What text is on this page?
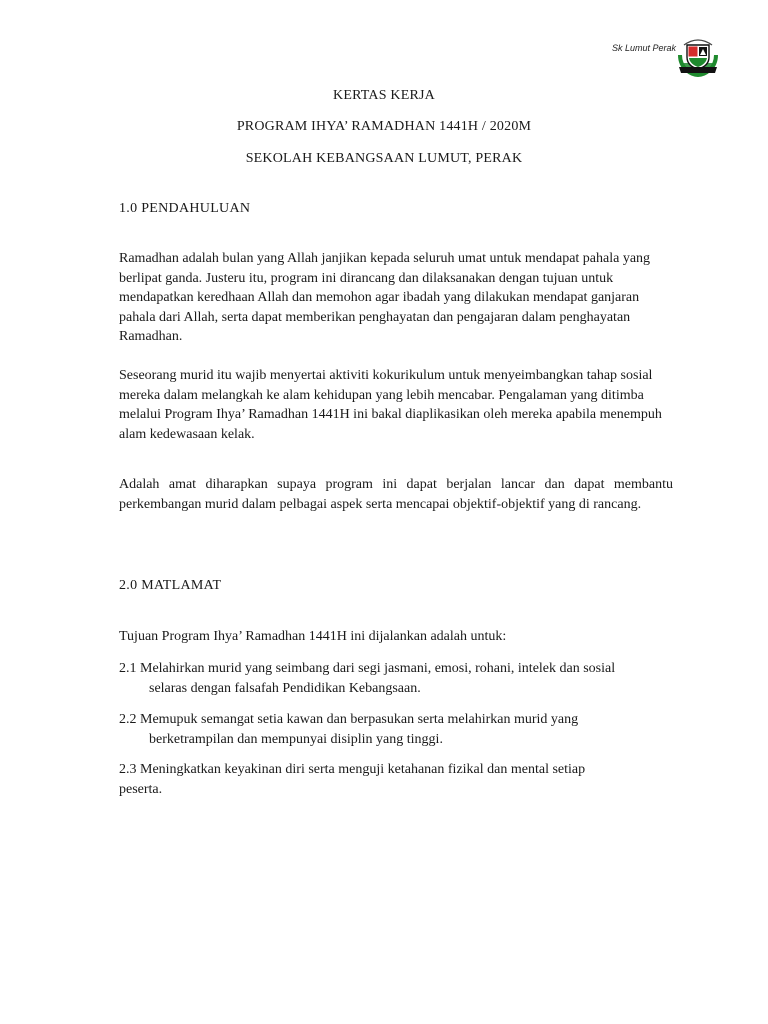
Sk Lumut Perak
KERTAS KERJA
PROGRAM IHYA’ RAMADHAN 1441H / 2020M
SEKOLAH KEBANGSAAN LUMUT, PERAK
1.0 PENDAHULUAN

Ramadhan adalah bulan yang Allah janjikan kepada seluruh umat untuk mendapat pahala yang berlipat ganda. Justeru itu, program ini dirancang dan dilaksanakan dengan tujuan untuk mendapatkan keredhaan Allah dan memohon agar ibadah yang dilakukan mendapat ganjaran pahala dari Allah, serta dapat memberikan penghayatan dan pengajaran dalam penghayatan Ramadhan.

Seseorang murid itu wajib menyertai aktiviti kokurikulum untuk menyeimbangkan tahap sosial mereka dalam melangkah ke alam kehidupan yang lebih mencabar. Pengalaman yang ditimba melalui Program Ihya’ Ramadhan 1441H ini bakal diaplikasikan oleh mereka apabila menempuh alam kedewasaan kelak.

Adalah amat diharapkan supaya program ini dapat berjalan lancar dan dapat membantu perkembangan murid dalam pelbagai aspek serta mencapai objektif-objektif yang di rancang.

2.0 MATLAMAT

Tujuan Program Ihya’ Ramadhan 1441H ini dijalankan adalah untuk:

2.1 Melahirkan murid yang seimbang dari segi jasmani, emosi, rohani, intelek dan sosial
selaras dengan falsafah Pendidikan Kebangsaan.
2.2 Memupuk semangat setia kawan dan berpasukan serta melahirkan murid yang
berketrampilan dan mempunyai disiplin yang tinggi.
2.3 Meningkatkan keyakinan diri serta menguji ketahanan fizikal dan mental setiap
peserta.
